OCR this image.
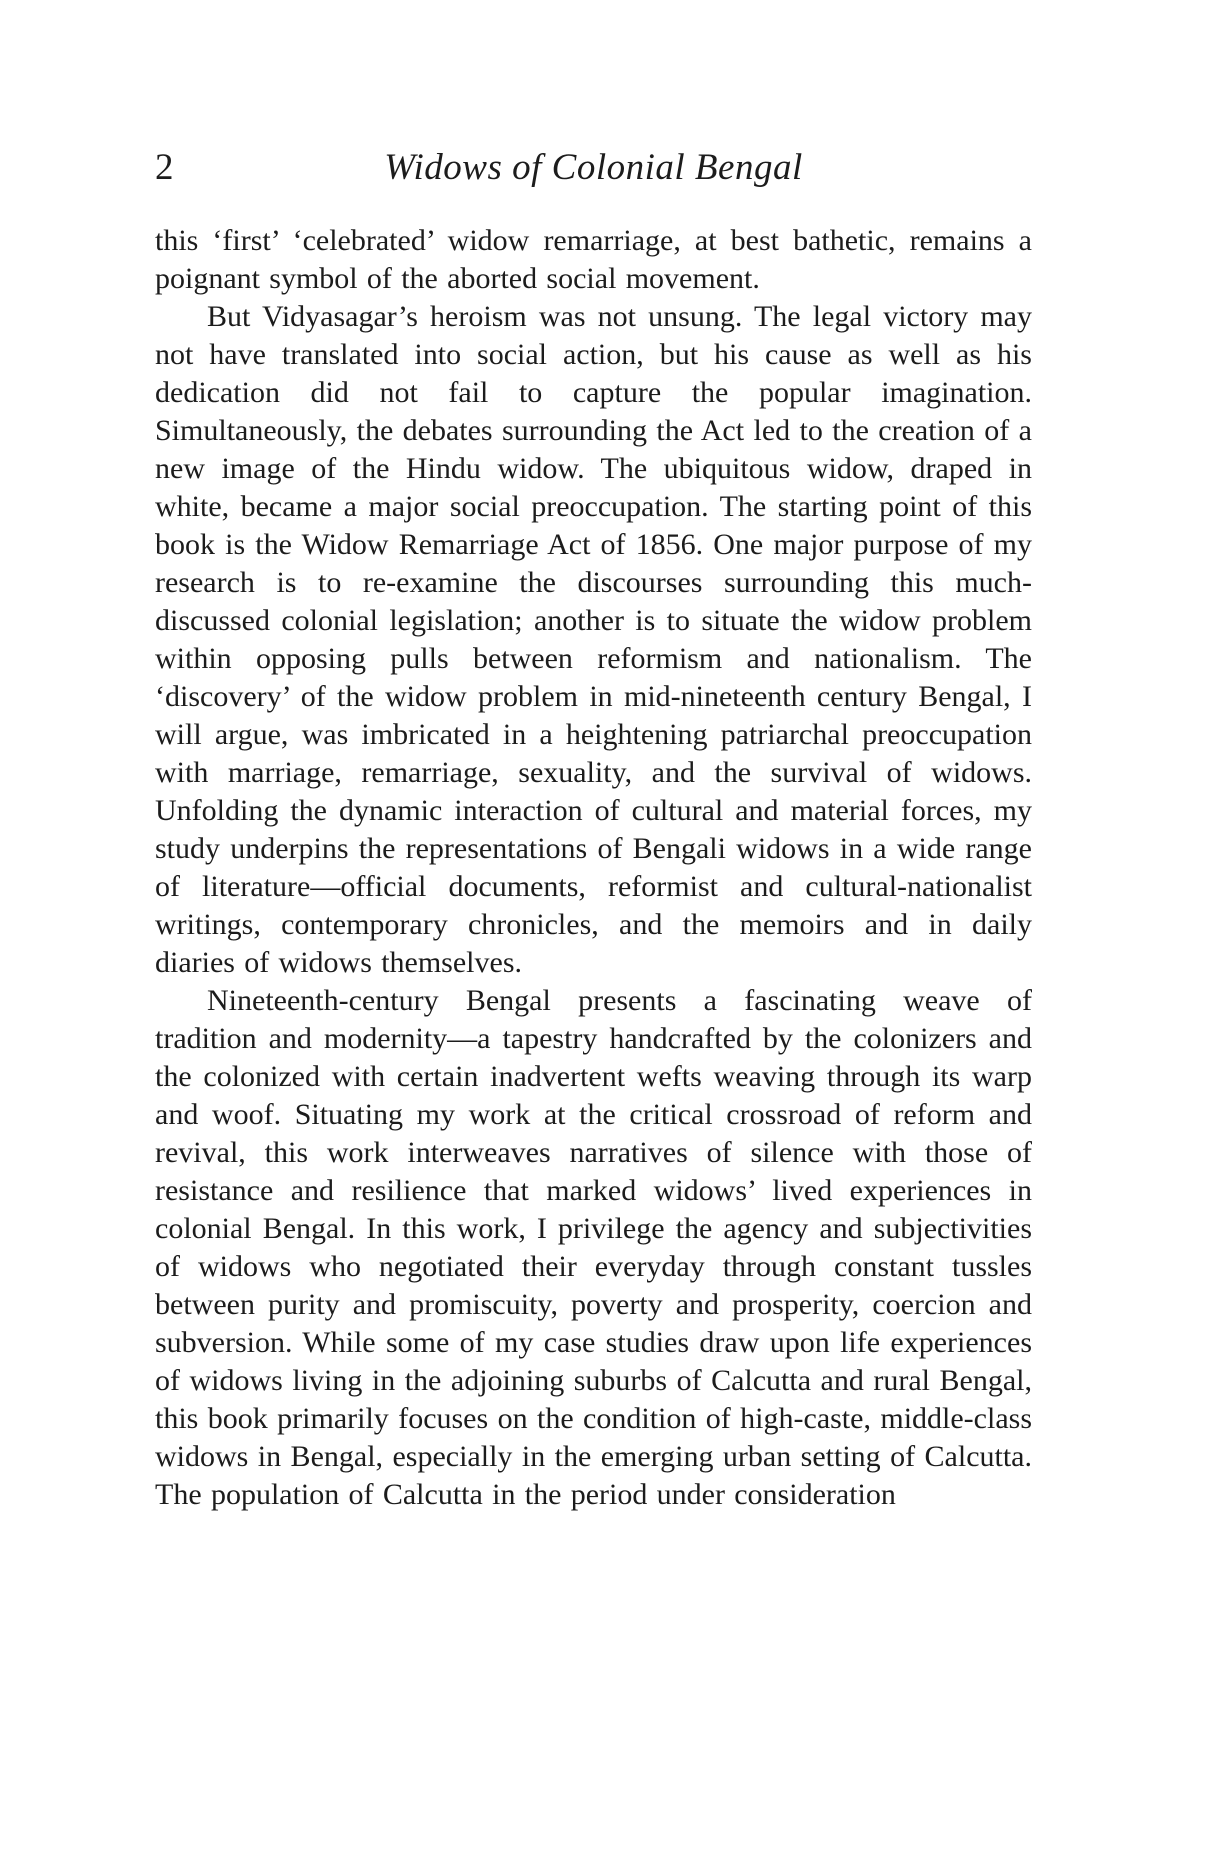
2	Widows of Colonial Bengal

this ‘first’ ‘celebrated’ widow remarriage, at best bathetic, remains a poignant symbol of the aborted social movement.

But Vidyasagar’s heroism was not unsung. The legal victory may not have translated into social action, but his cause as well as his dedication did not fail to capture the popular imagination. Simultaneously, the debates surrounding the Act led to the creation of a new image of the Hindu widow. The ubiquitous widow, draped in white, became a major social preoccupation. The starting point of this book is the Widow Remarriage Act of 1856. One major purpose of my research is to re-examine the discourses surrounding this much-discussed colonial legislation; another is to situate the widow problem within opposing pulls between reformism and nationalism. The ‘discovery’ of the widow problem in mid-nineteenth century Bengal, I will argue, was imbricated in a heightening patriarchal preoccupation with marriage, remarriage, sexuality, and the survival of widows. Unfolding the dynamic interaction of cultural and material forces, my study underpins the representations of Bengali widows in a wide range of literature—official documents, reformist and cultural-nationalist writings, contemporary chronicles, and the memoirs and in daily diaries of widows themselves.

Nineteenth-century Bengal presents a fascinating weave of tradition and modernity—a tapestry handcrafted by the colonizers and the colonized with certain inadvertent wefts weaving through its warp and woof. Situating my work at the critical crossroad of reform and revival, this work interweaves narratives of silence with those of resistance and resilience that marked widows’ lived experiences in colonial Bengal. In this work, I privilege the agency and subjectivities of widows who negotiated their everyday through constant tussles between purity and promiscuity, poverty and prosperity, coercion and subversion. While some of my case studies draw upon life experiences of widows living in the adjoining suburbs of Calcutta and rural Bengal, this book primarily focuses on the condition of high-caste, middle-class widows in Bengal, especially in the emerging urban setting of Calcutta. The population of Calcutta in the period under consideration
